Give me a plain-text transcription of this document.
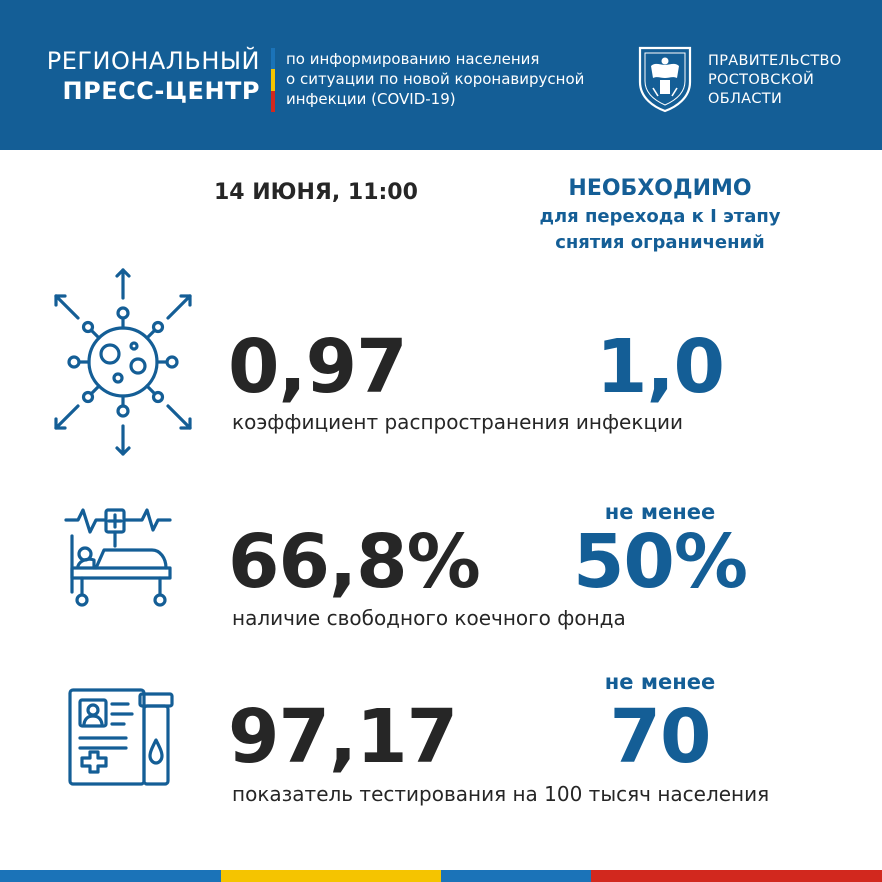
РЕГИОНАЛЬНЫЙ
ПРЕСС-ЦЕНТР
по информированию населения
о ситуации по новой коронавирусной
инфекции (COVID-19)
ПРАВИТЕЛЬСТВО
РОСТОВСКОЙ
ОБЛАСТИ
14 ИЮНЯ, 11:00	НЕОБХОДИМО
для перехода к I этапу
снятия ограничений
0,97	1,0
коэффициент распространения инфекции
66,8%
не менее
50%
наличие свободного коечного фонда
97,17
не менее
70
показатель тестирования на 100 тысяч населения
